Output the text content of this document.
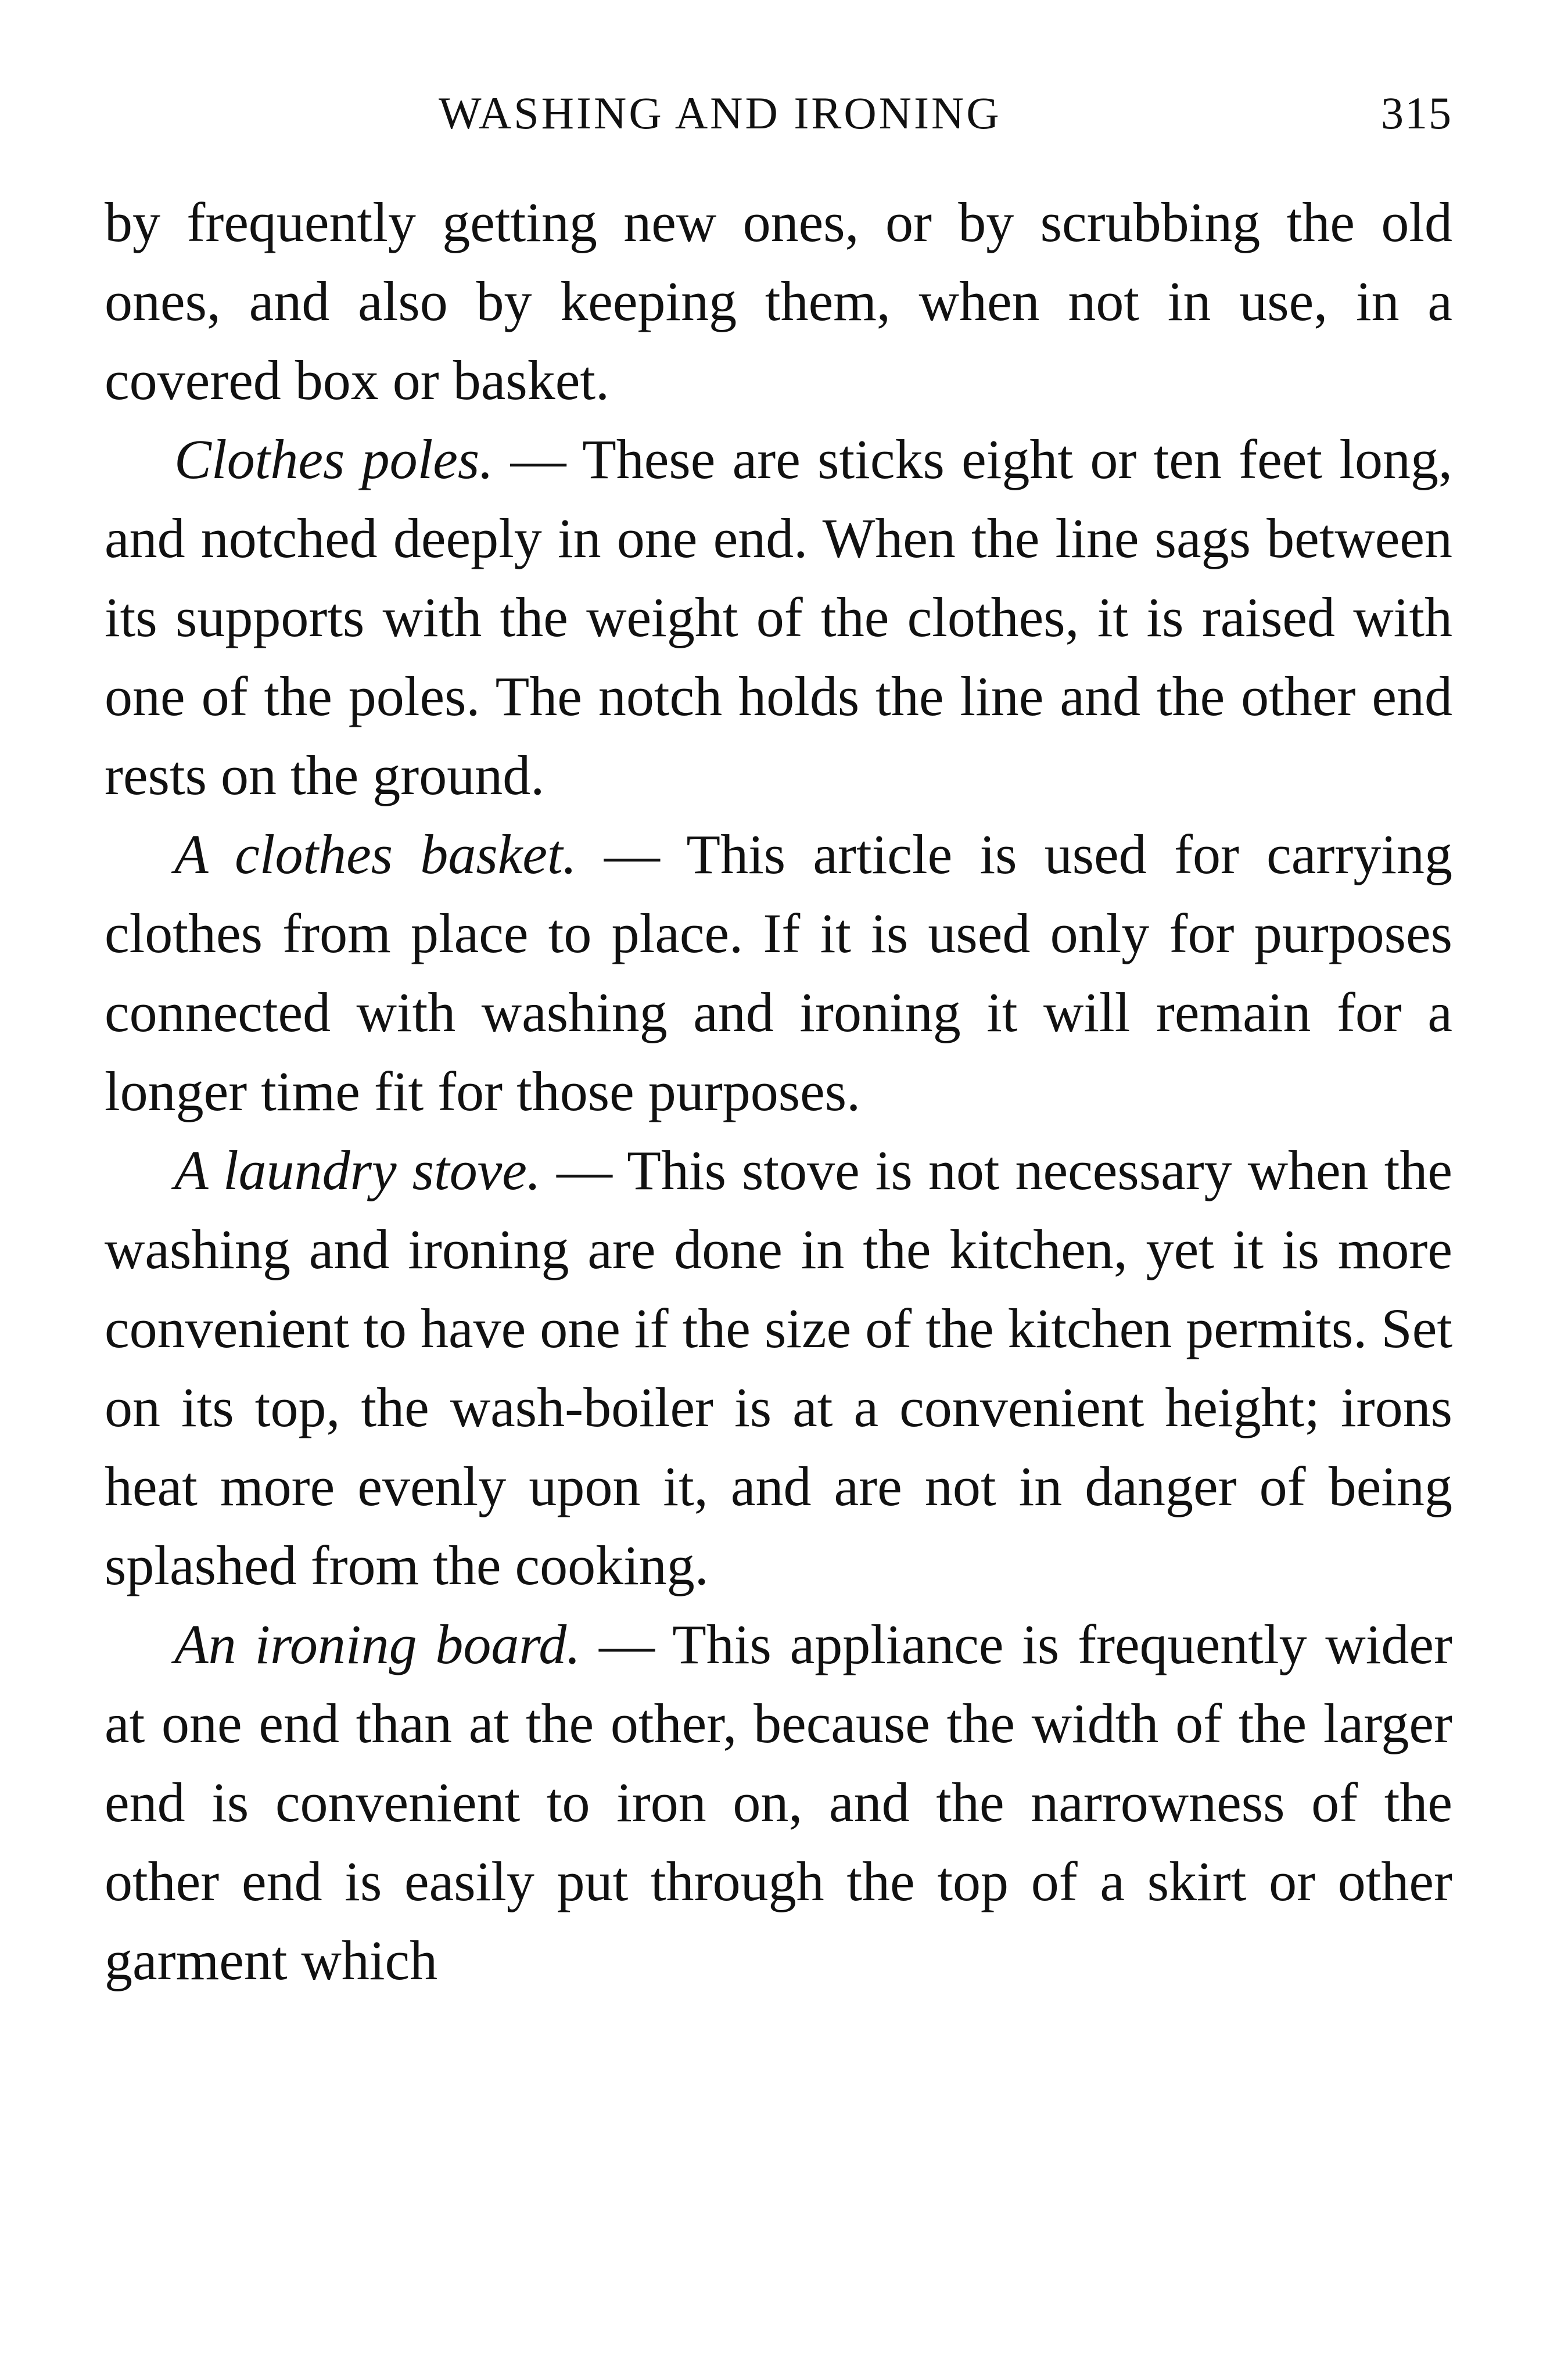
WASHING AND IRONING	315

by frequently getting new ones, or by scrubbing the old ones, and also by keeping them, when not in use, in a covered box or basket.

Clothes poles. — These are sticks eight or ten feet long, and notched deeply in one end. When the line sags between its supports with the weight of the clothes, it is raised with one of the poles. The notch holds the line and the other end rests on the ground.

A clothes basket. — This article is used for carrying clothes from place to place. If it is used only for purposes connected with washing and ironing it will remain for a longer time fit for those purposes.

A laundry stove. — This stove is not necessary when the washing and ironing are done in the kitchen, yet it is more convenient to have one if the size of the kitchen permits. Set on its top, the wash-boiler is at a convenient height; irons heat more evenly upon it, and are not in danger of being splashed from the cooking.

An ironing board. — This appliance is frequently wider at one end than at the other, because the width of the larger end is convenient to iron on, and the narrowness of the other end is easily put through the top of a skirt or other garment which
